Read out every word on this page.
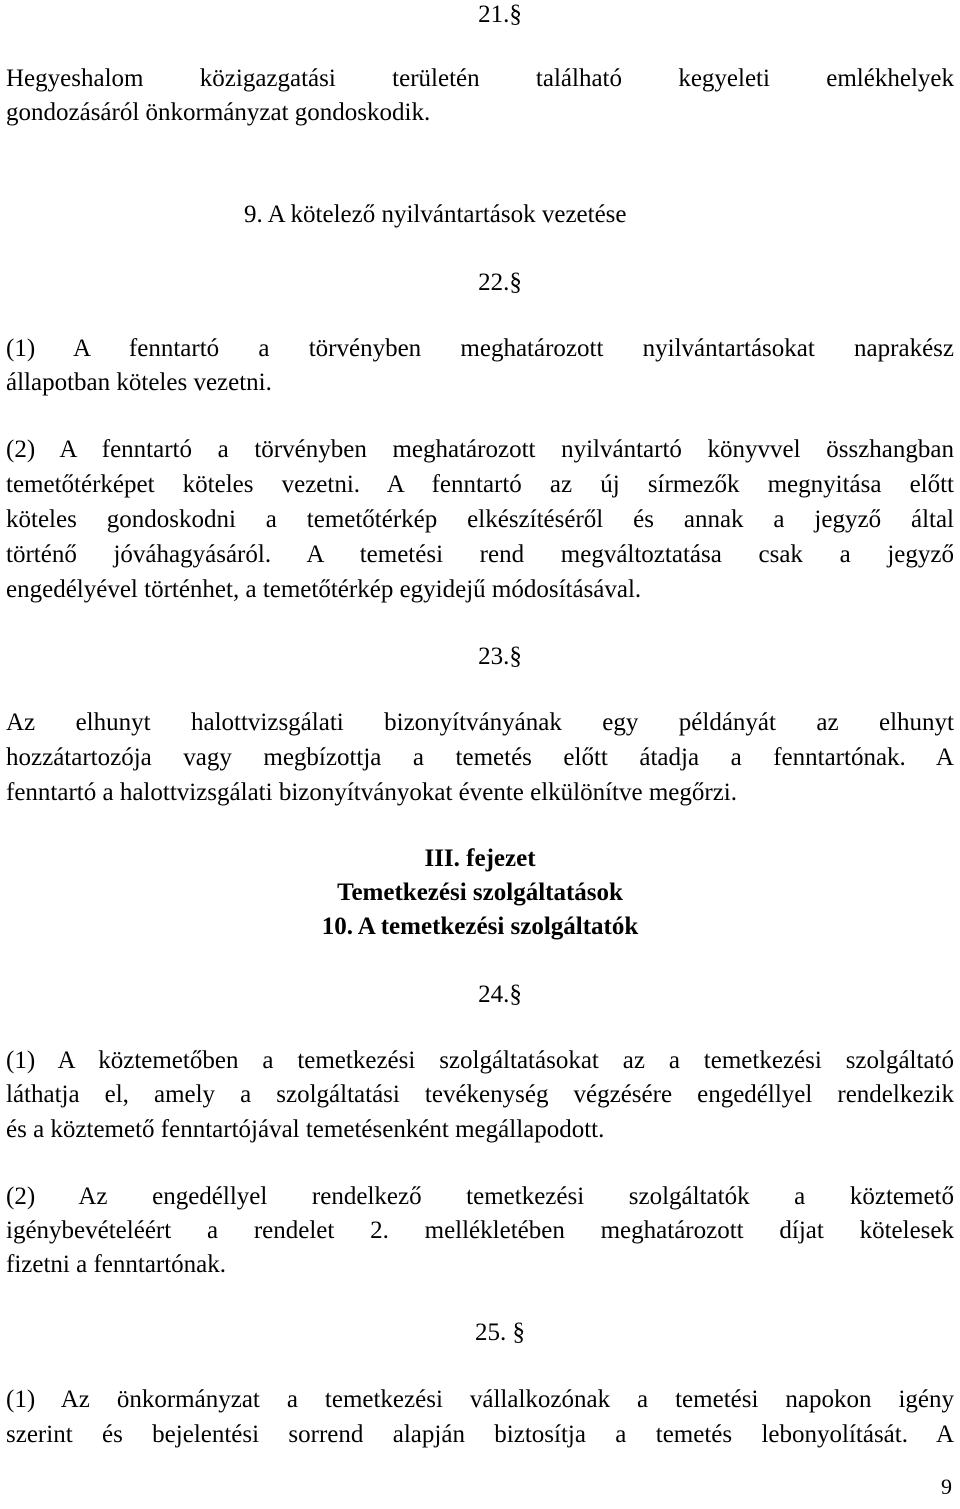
21.§
Hegyeshalom közigazgatási területén található kegyeleti emlékhelyek
gondozásáról önkormányzat gondoskodik.
9. A kötelező nyilvántartások vezetése
22.§
(1) A fenntartó a törvényben meghatározott nyilvántartásokat naprakész
állapotban köteles vezetni.
(2) A fenntartó a törvényben meghatározott nyilvántartó könyvvel összhangban
temetőtérképet köteles vezetni. A fenntartó az új sírmezők megnyitása előtt
köteles gondoskodni a temetőtérkép elkészítéséről és annak a jegyző által
történő jóváhagyásáról. A temetési rend megváltoztatása csak a jegyző
engedélyével történhet, a temetőtérkép egyidejű módosításával.
23.§
Az elhunyt halottvizsgálati bizonyítványának egy példányát az elhunyt
hozzátartozója vagy megbízottja a temetés előtt átadja a fenntartónak. A
fenntartó a halottvizsgálati bizonyítványokat évente elkülönítve megőrzi.
III. fejezet
Temetkezési szolgáltatások
10. A temetkezési szolgáltatók
24.§
(1) A köztemetőben a temetkezési szolgáltatásokat az a temetkezési szolgáltató
láthatja el, amely a szolgáltatási tevékenység végzésére engedéllyel rendelkezik
és a köztemető fenntartójával temetésenként megállapodott.
(2) Az engedéllyel rendelkező temetkezési szolgáltatók a köztemető
igénybevételéért a rendelet 2. mellékletében meghatározott díjat kötelesek
fizetni a fenntartónak.
25. §
(1) Az önkormányzat a temetkezési vállalkozónak a temetési napokon igény
szerint és bejelentési sorrend alapján biztosítja a temetés lebonyolítását. A
9
